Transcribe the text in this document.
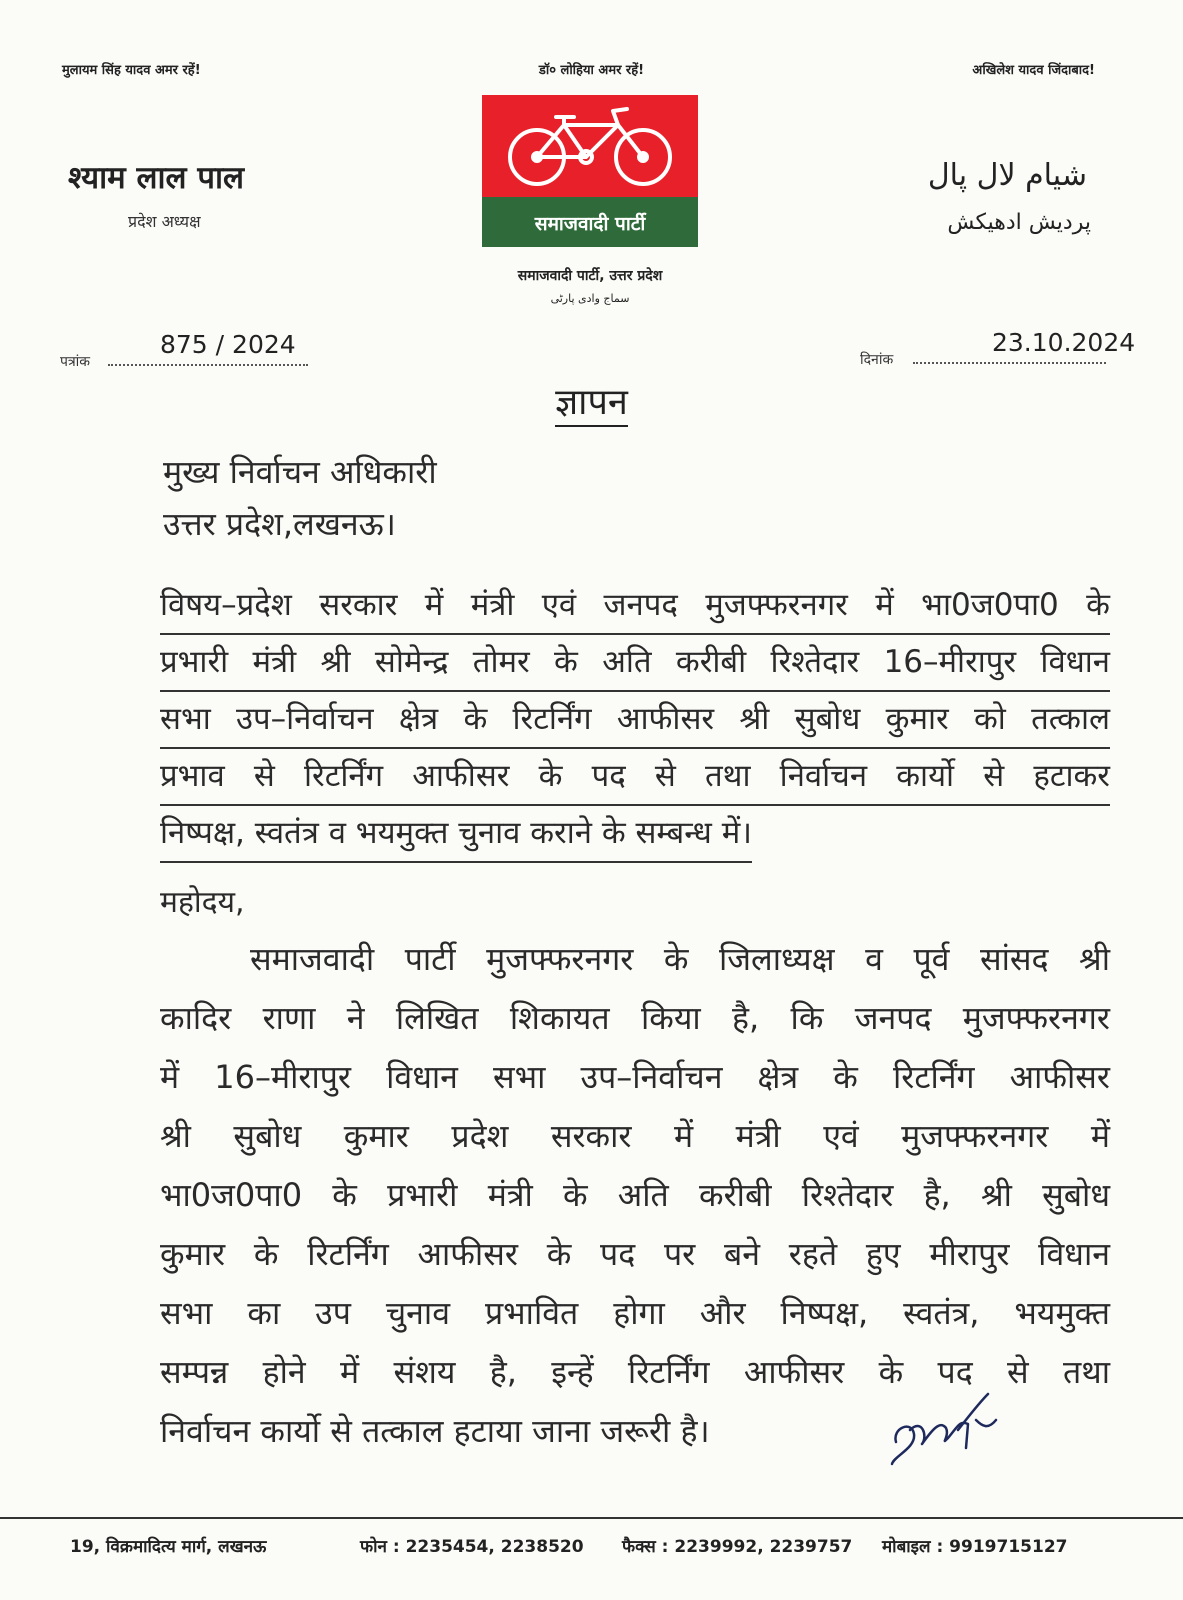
मुलायम सिंह यादव अमर रहें!	डॉ० लोहिया अमर रहें!	अखिलेश यादव जिंदाबाद!
श्याम लाल पाल
प्रदेश अध्यक्ष
شیام لال پال
پردیش ادھیکش
समाजवादी पार्टी
समाजवादी पार्टी, उत्तर प्रदेश
سماج وادی پارٹی
पत्रांक
875 / 2024
दिनांक
23.10.2024
ज्ञापन
मुख्य निर्वाचन अधिकारी
उत्तर प्रदेश,लखनऊ।
विषय–प्रदेश सरकार में मंत्री एवं जनपद मुजफ्फरनगर में भा0ज0पा0 के
प्रभारी मंत्री श्री सोमेन्द्र तोमर के अति करीबी रिश्तेदार 16–मीरापुर विधान
सभा उप–निर्वाचन क्षेत्र के रिटर्निंग आफीसर श्री सुबोध कुमार को तत्काल
प्रभाव से रिटर्निंग आफीसर के पद से तथा निर्वाचन कार्यो से हटाकर
निष्पक्ष, स्वतंत्र व भयमुक्त चुनाव कराने के सम्बन्ध में।
महोदय,
समाजवादी पार्टी मुजफ्फरनगर के जिलाध्यक्ष व पूर्व सांसद श्री
कादिर राणा ने लिखित शिकायत किया है, कि जनपद मुजफ्फरनगर
में 16–मीरापुर विधान सभा उप–निर्वाचन क्षेत्र के रिटर्निंग आफीसर
श्री सुबोध कुमार प्रदेश सरकार में मंत्री एवं मुजफ्फरनगर में
भा0ज0पा0 के प्रभारी मंत्री के अति करीबी रिश्तेदार है, श्री सुबोध
कुमार के रिटर्निंग आफीसर के पद पर बने रहते हुए मीरापुर विधान
सभा का उप चुनाव प्रभावित होगा और निष्पक्ष, स्वतंत्र, भयमुक्त
सम्पन्न होने में संशय है, इन्हें रिटर्निंग आफीसर के पद से तथा
निर्वाचन कार्यो से तत्काल हटाया जाना जरूरी है।
19, विक्रमादित्य मार्ग, लखनऊ	फोन : 2235454, 2238520 फैक्स : 2239992, 2239757 मोबाइल : 9919715127
